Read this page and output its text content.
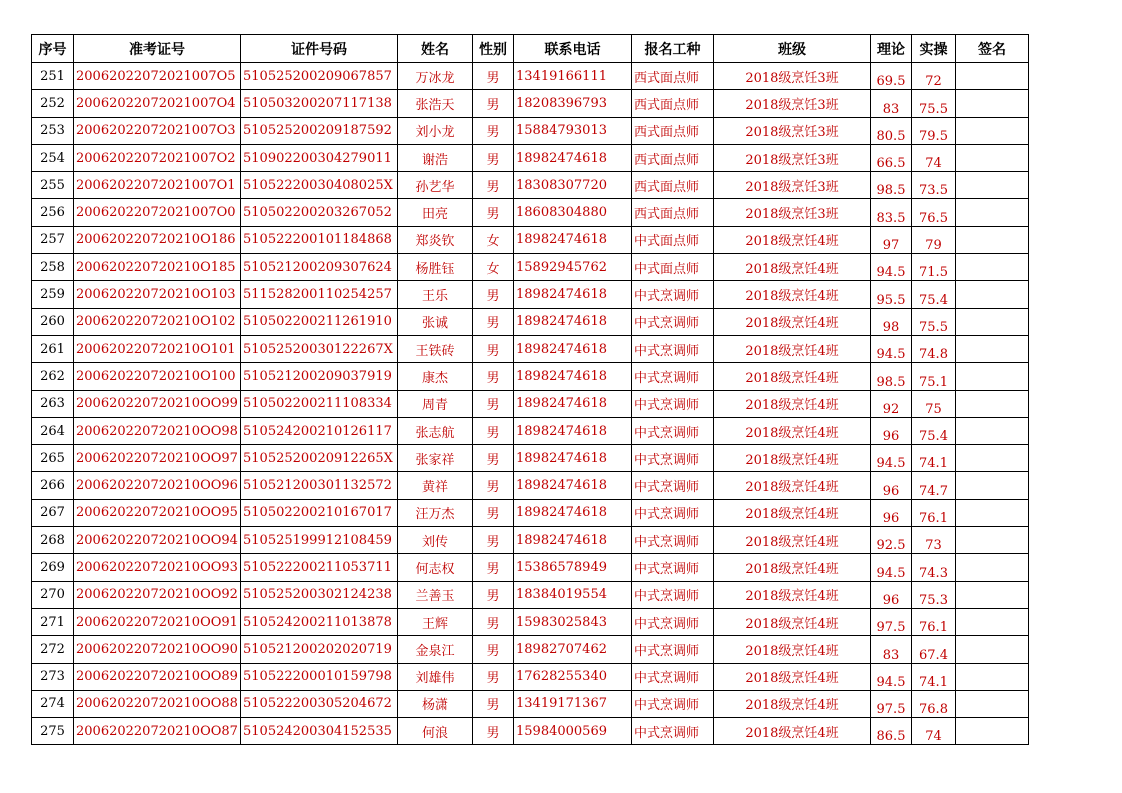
序号	准考证号	证件号码	姓名	性别	联系电话	报名工种	班级	理论	实操	签名
251	20062022072021007O5	510525200209067857	万冰龙	男	13419166111	西式面点师	2018级烹饪3班	69.5	72	
252	20062022072021007O4	510503200207117138	张浩天	男	18208396793	西式面点师	2018级烹饪3班	83	75.5	
253	20062022072021007O3	510525200209187592	刘小龙	男	15884793013	西式面点师	2018级烹饪3班	80.5	79.5	
254	20062022072021007O2	510902200304279011	谢浩	男	18982474618	西式面点师	2018级烹饪3班	66.5	74	
255	20062022072021007O1	51052220030408025X	孙艺华	男	18308307720	西式面点师	2018级烹饪3班	98.5	73.5	
256	20062022072021007O0	510502200203267052	田亮	男	18608304880	西式面点师	2018级烹饪3班	83.5	76.5	
257	200620220720210O186	510522200101184868	郑炎钦	女	18982474618	中式面点师	2018级烹饪4班	97	79	
258	200620220720210O185	510521200209307624	杨胜钰	女	15892945762	中式面点师	2018级烹饪4班	94.5	71.5	
259	200620220720210O103	511528200110254257	王乐	男	18982474618	中式烹调师	2018级烹饪4班	95.5	75.4	
260	200620220720210O102	510502200211261910	张诚	男	18982474618	中式烹调师	2018级烹饪4班	98	75.5	
261	200620220720210O101	51052520030122267X	王铁砖	男	18982474618	中式烹调师	2018级烹饪4班	94.5	74.8	
262	200620220720210O100	510521200209037919	康杰	男	18982474618	中式烹调师	2018级烹饪4班	98.5	75.1	
263	200620220720210OO99	510502200211108334	周青	男	18982474618	中式烹调师	2018级烹饪4班	92	75	
264	200620220720210OO98	510524200210126117	张志航	男	18982474618	中式烹调师	2018级烹饪4班	96	75.4	
265	200620220720210OO97	51052520020912265X	张家祥	男	18982474618	中式烹调师	2018级烹饪4班	94.5	74.1	
266	200620220720210OO96	510521200301132572	黄祥	男	18982474618	中式烹调师	2018级烹饪4班	96	74.7	
267	200620220720210OO95	510502200210167017	汪万杰	男	18982474618	中式烹调师	2018级烹饪4班	96	76.1	
268	200620220720210OO94	510525199912108459	刘传	男	18982474618	中式烹调师	2018级烹饪4班	92.5	73	
269	200620220720210OO93	510522200211053711	何志权	男	15386578949	中式烹调师	2018级烹饪4班	94.5	74.3	
270	200620220720210OO92	510525200302124238	兰善玉	男	18384019554	中式烹调师	2018级烹饪4班	96	75.3	
271	200620220720210OO91	510524200211013878	王辉	男	15983025843	中式烹调师	2018级烹饪4班	97.5	76.1	
272	200620220720210OO90	510521200202020719	金泉江	男	18982707462	中式烹调师	2018级烹饪4班	83	67.4	
273	200620220720210OO89	510522200010159798	刘雄伟	男	17628255340	中式烹调师	2018级烹饪4班	94.5	74.1	
274	200620220720210OO88	510522200305204672	杨潇	男	13419171367	中式烹调师	2018级烹饪4班	97.5	76.8	
275	200620220720210OO87	510524200304152535	何浪	男	15984000569	中式烹调师	2018级烹饪4班	86.5	74	
